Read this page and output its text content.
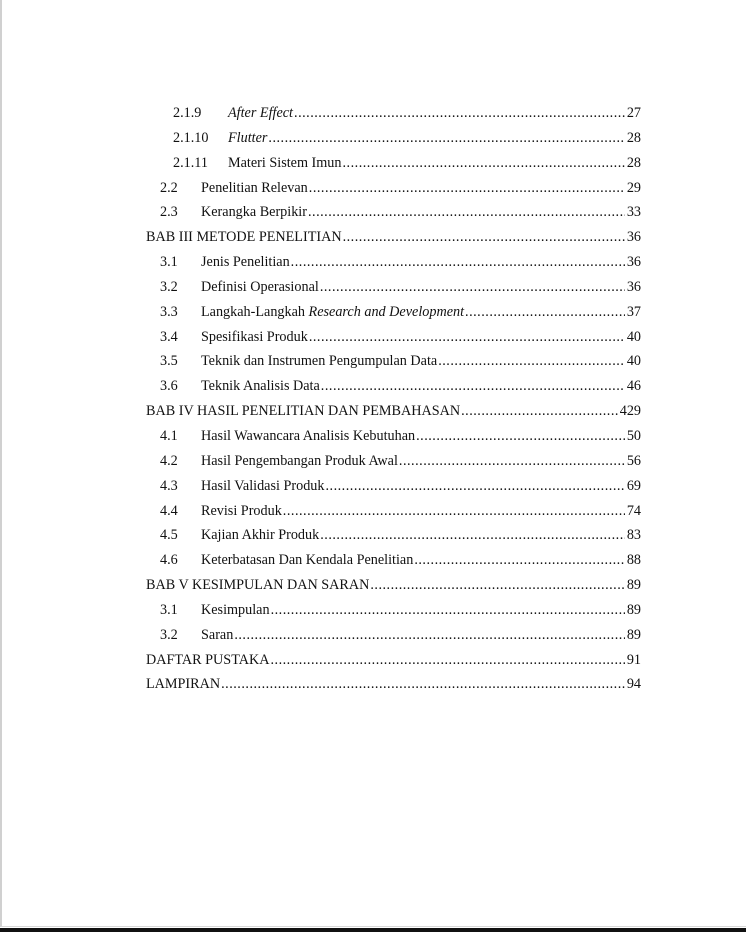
2.1.9	After Effect .....	27
2.1.10	Flutter .....	28
2.1.11	Materi Sistem Imun .....	28
2.2	Penelitian Relevan .....	29
2.3	Kerangka Berpikir .....	33
BAB III METODE PENELITIAN .....	36
3.1	Jenis Penelitian .....	36
3.2	Definisi Operasional .....	36
3.3	Langkah-Langkah Research and Development .....	37
3.4	Spesifikasi Produk .....	40
3.5	Teknik dan Instrumen Pengumpulan Data .....	40
3.6	Teknik Analisis Data .....	46
BAB IV HASIL PENELITIAN DAN PEMBAHASAN .....	429
4.1	Hasil Wawancara Analisis Kebutuhan .....	50
4.2	Hasil Pengembangan Produk Awal .....	56
4.3	Hasil Validasi Produk .....	69
4.4	Revisi Produk .....	74
4.5	Kajian Akhir Produk .....	83
4.6	Keterbatasan Dan Kendala Penelitian .....	88
BAB V KESIMPULAN DAN SARAN .....	89
3.1	Kesimpulan .....	89
3.2	Saran .....	89
DAFTAR PUSTAKA .....	91
LAMPIRAN .....	94
